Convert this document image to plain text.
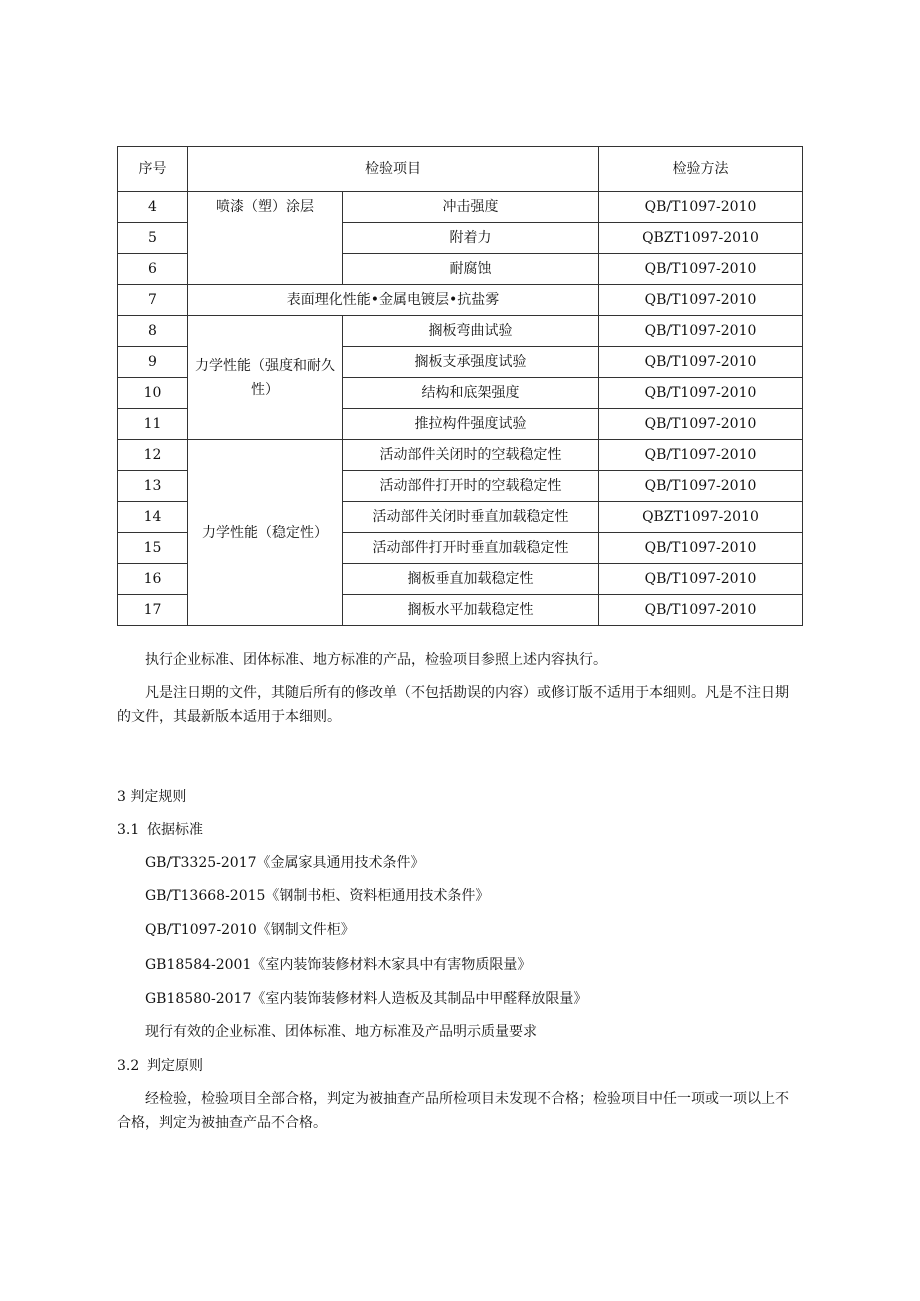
序号	检验项目		检验方法
4	喷漆（塑）涂层	冲击强度	QB/T1097-2010
5		附着力	QBZT1097-2010
6		耐腐蚀	QB/T1097-2010
7	表面理化性能•金属电镀层•抗盐雾		QB/T1097-2010
8	力学性能（强度和耐久性）	搁板弯曲试验	QB/T1097-2010
9		搁板支承强度试验	QB/T1097-2010
10		结构和底架强度	QB/T1097-2010
11		推拉构件强度试验	QB/T1097-2010
12	力学性能（稳定性）	活动部件关闭时的空载稳定性	QB/T1097-2010
13		活动部件打开时的空载稳定性	QB/T1097-2010
14		活动部件关闭时垂直加载稳定性	QBZT1097-2010
15		活动部件打开时垂直加载稳定性	QB/T1097-2010
16		搁板垂直加载稳定性	QB/T1097-2010
17		搁板水平加载稳定性	QB/T1097-2010

执行企业标准、团体标准、地方标准的产品，检验项目参照上述内容执行。

凡是注日期的文件，其随后所有的修改单（不包括勘误的内容）或修订版不适用于本细则。凡是不注日期的文件，其最新版本适用于本细则。

3 判定规则
3.1 依据标准
GB/T3325-2017《金属家具通用技术条件》
GB/T13668-2015《钢制书柜、资料柜通用技术条件》
QB/T1097-2010《钢制文件柜》
GB18584-2001《室内装饰装修材料木家具中有害物质限量》
GB18580-2017《室内装饰装修材料人造板及其制品中甲醛释放限量》
现行有效的企业标准、团体标准、地方标准及产品明示质量要求
3.2 判定原则

经检验，检验项目全部合格，判定为被抽查产品所检项目未发现不合格；检验项目中任一项或一项以上不合格，判定为被抽查产品不合格。
